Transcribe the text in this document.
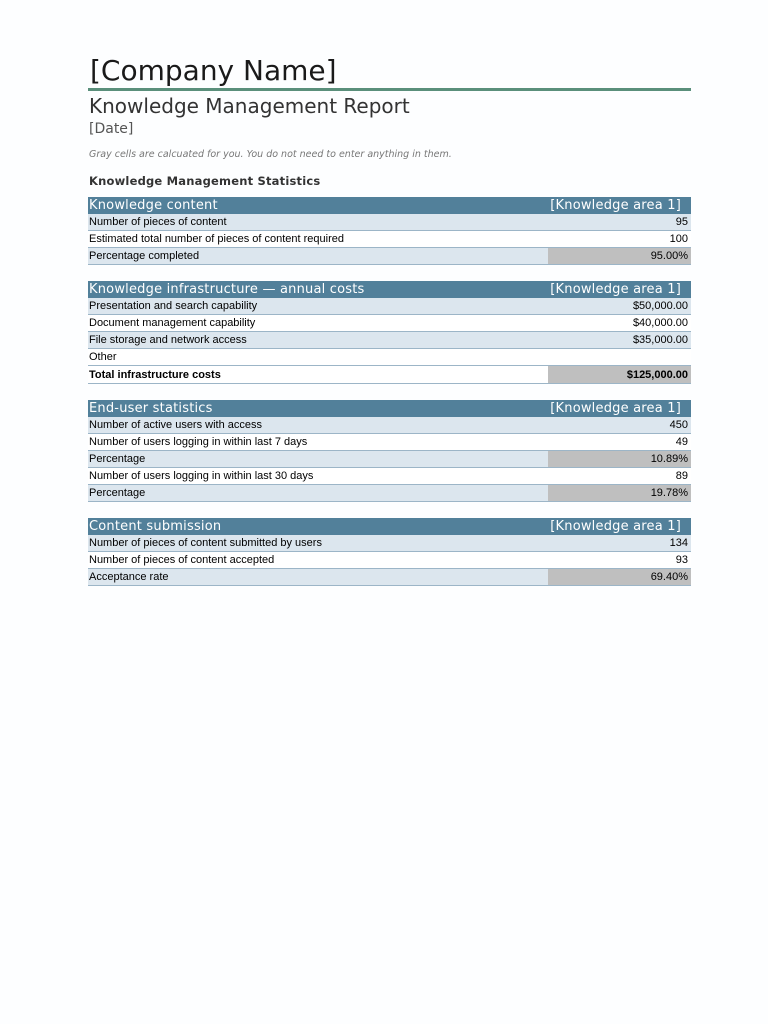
[Company Name]
Knowledge Management Report
[Date]
Gray cells are calcuated for you. You do not need to enter anything in them.
Knowledge Management Statistics
Knowledge content	[Knowledge area 1]
Number of pieces of content	95
Estimated total number of pieces of content required	100
Percentage completed	95.00%
Knowledge infrastructure — annual costs	[Knowledge area 1]
Presentation and search capability	$50,000.00
Document management capability	$40,000.00
File storage and network access	$35,000.00
Other
Total infrastructure costs	$125,000.00
End-user statistics	[Knowledge area 1]
Number of active users with access	450
Number of users logging in within last 7 days	49
Percentage	10.89%
Number of users logging in within last 30 days	89
Percentage	19.78%
Content submission	[Knowledge area 1]
Number of pieces of content submitted by users	134
Number of pieces of content accepted	93
Acceptance rate	69.40%
